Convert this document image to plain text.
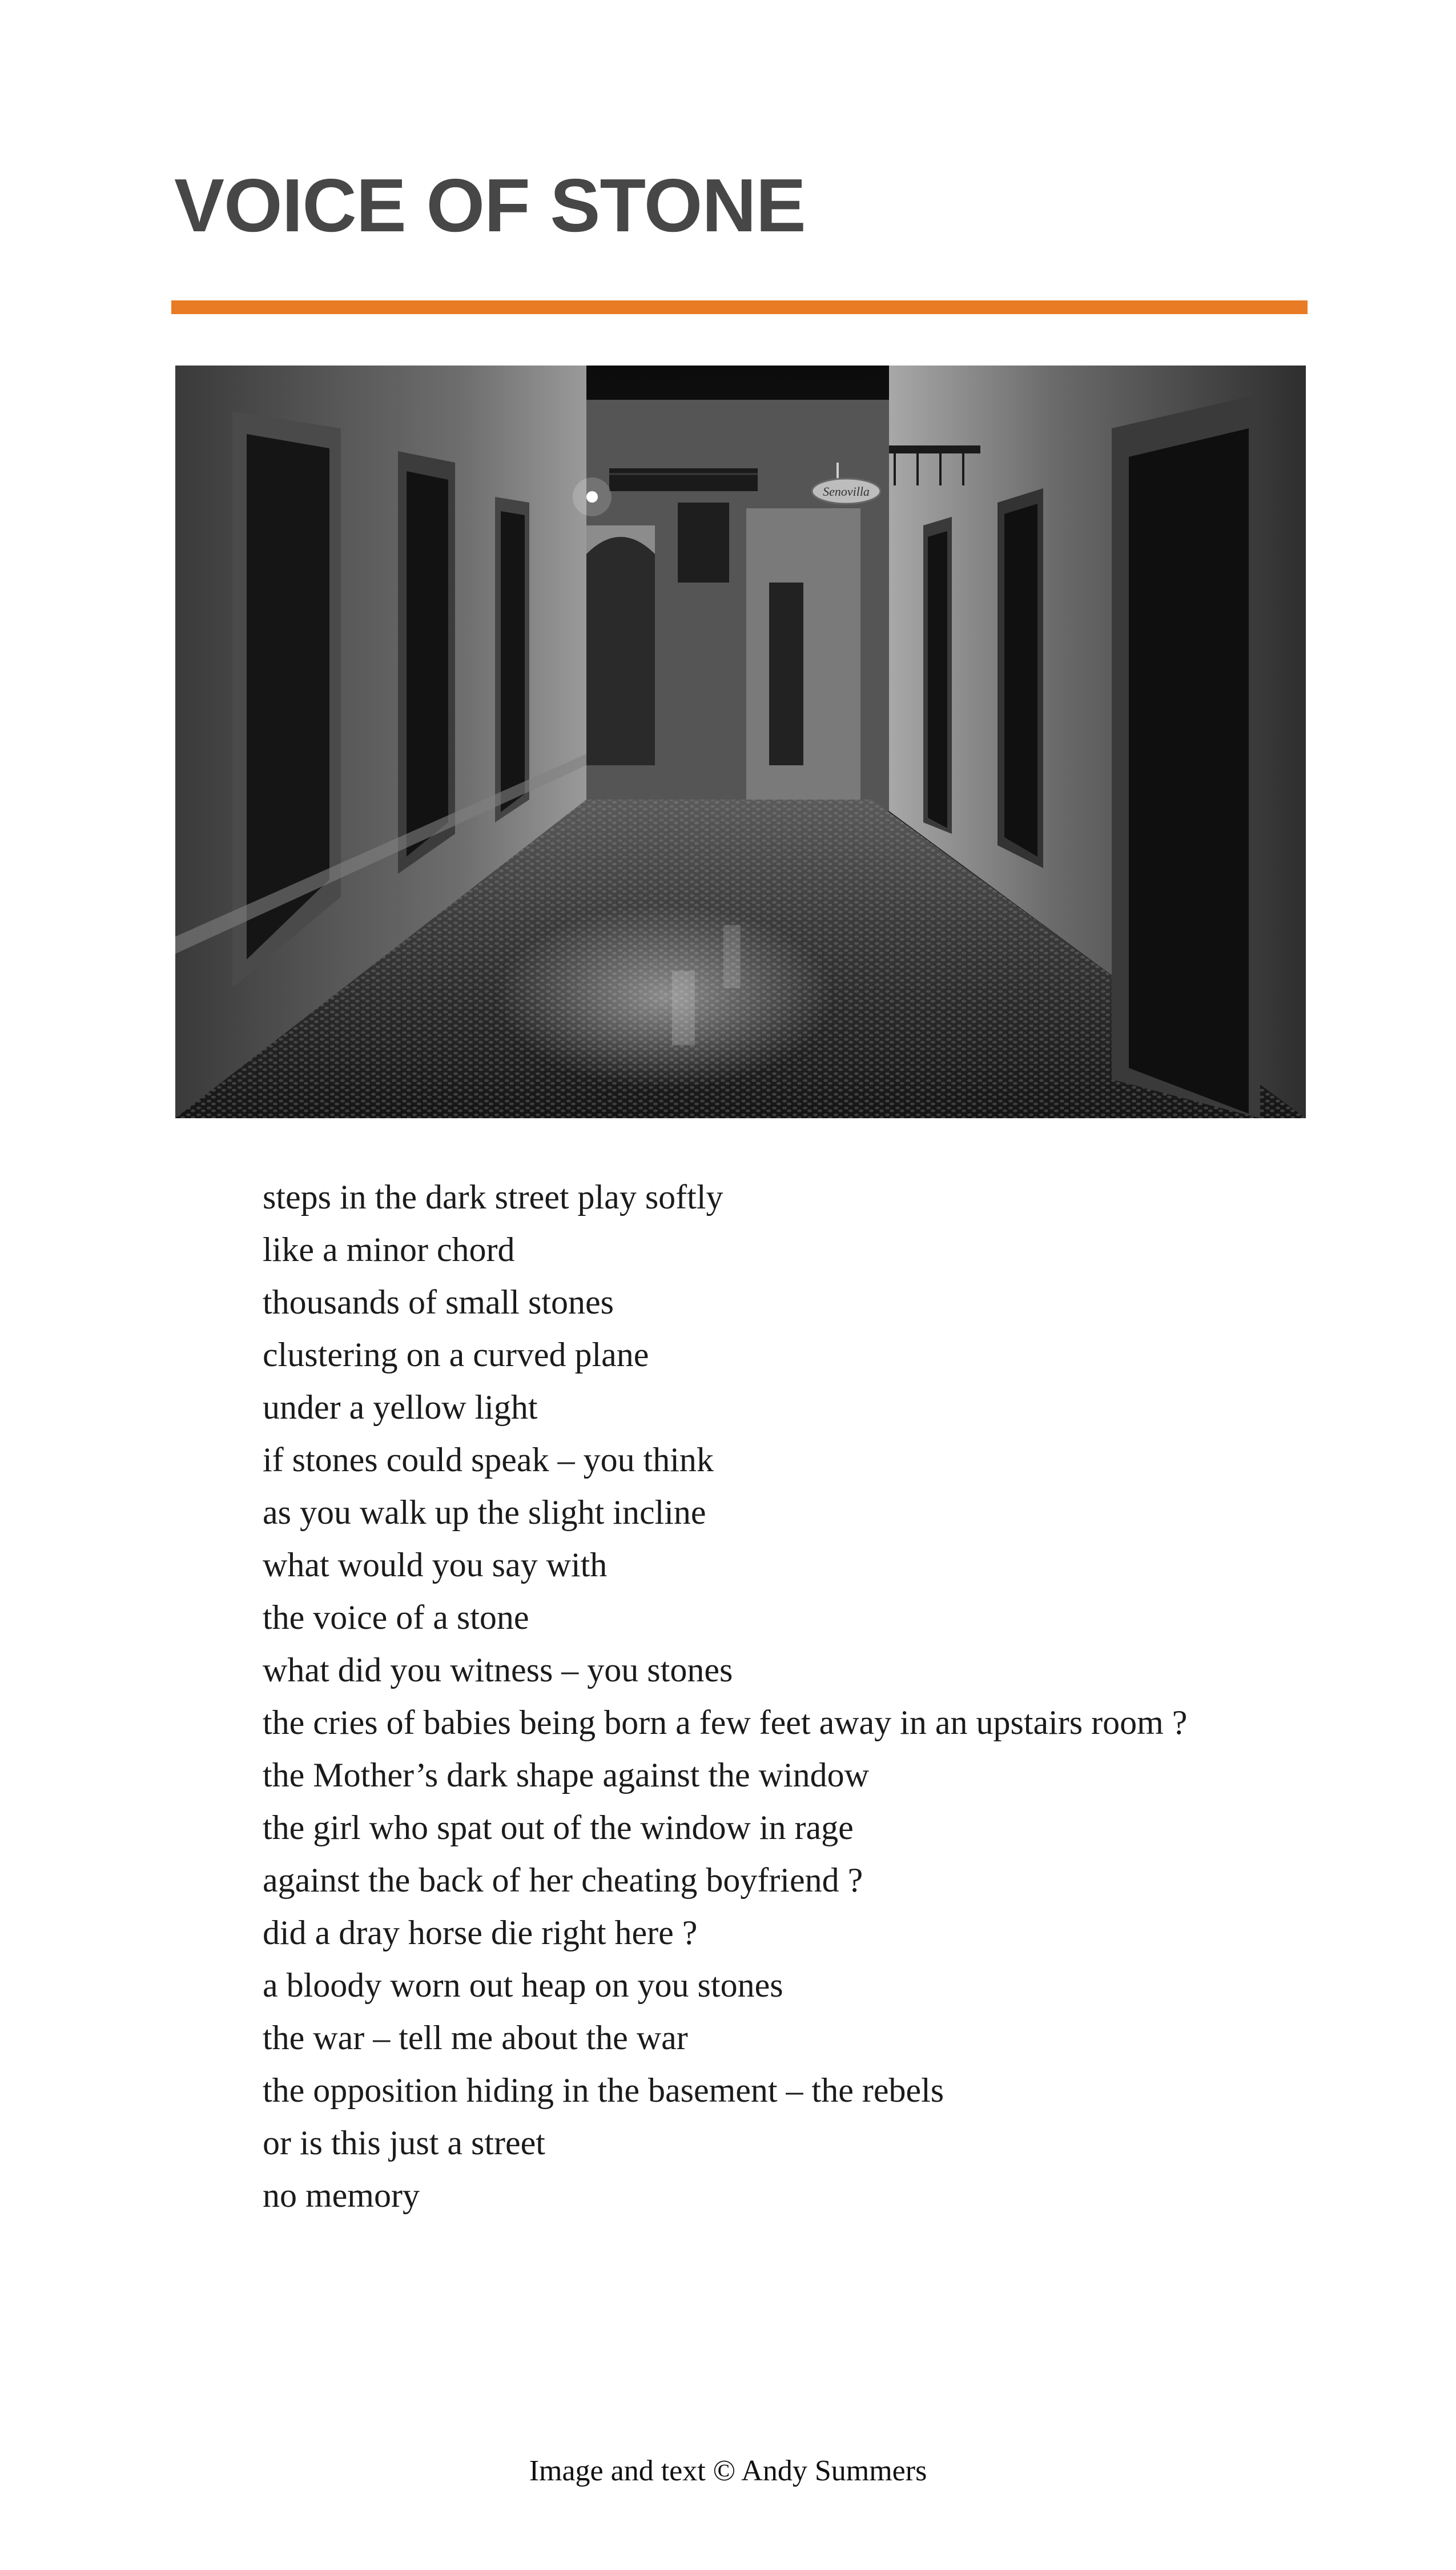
VOICE OF STONE
Senovilla
steps in the dark street play softly
like a minor chord
thousands of small stones
clustering on a curved plane
under a yellow light
if stones could speak – you think
as you walk up the slight incline
what would you say with
the voice of a stone
what did you witness – you stones
the cries of babies being born a few feet away in an upstairs room ?
the Mother’s dark shape against the window
the girl who spat out of the window in rage
against the back of her cheating boyfriend ?
did a dray horse die right here ?
a bloody worn out heap on you stones
the war – tell me about the war
the opposition hiding in the basement – the rebels
or is this just a street
no memory
Image and text © Andy Summers
